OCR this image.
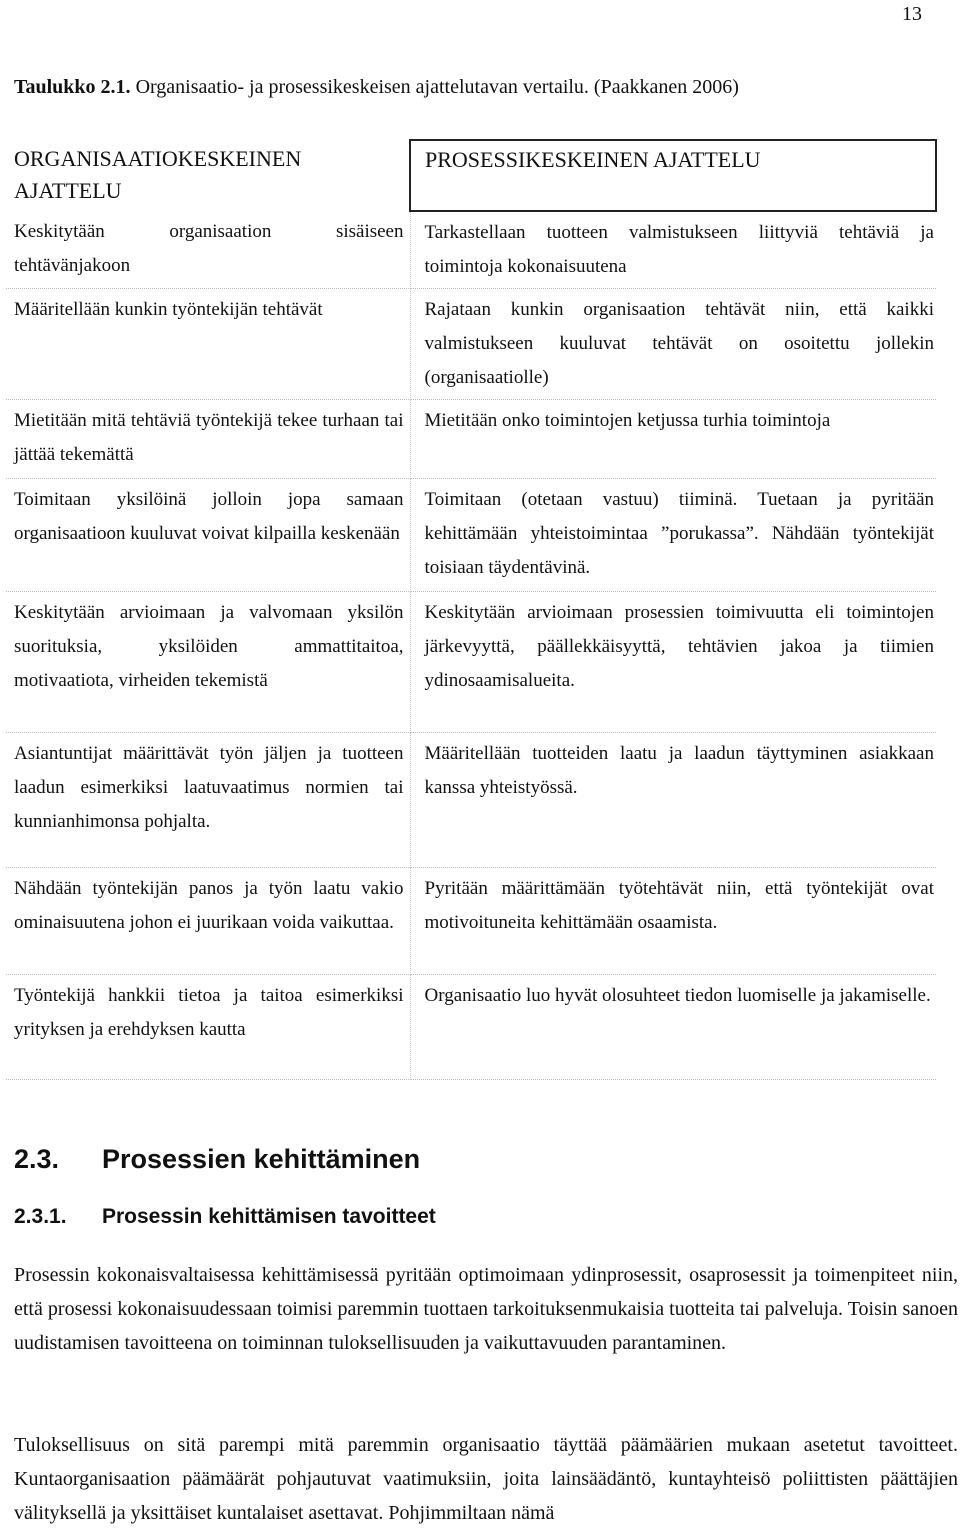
13
Taulukko 2.1. Organisaatio- ja prosessikeskeisen ajattelutavan vertailu. (Paakkanen 2006)
ORGANISAATIOKESKEINEN AJATTELU	PROSESSIKESKEINEN AJATTELU
Keskitytään organisaation sisäiseen tehtävänjakoon	Tarkastellaan tuotteen valmistukseen liittyviä tehtäviä ja toimintoja kokonaisuutena
Määritellään kunkin työntekijän tehtävät	Rajataan kunkin organisaation tehtävät niin, että kaikki valmistukseen kuuluvat tehtävät on osoitettu jollekin (organisaatiolle)
Mietitään mitä tehtäviä työntekijä tekee turhaan tai jättää tekemättä	Mietitään onko toimintojen ketjussa turhia toimintoja
Toimitaan yksilöinä jolloin jopa samaan organisaatioon kuuluvat voivat kilpailla keskenään	Toimitaan (otetaan vastuu) tiiminä. Tuetaan ja pyritään kehittämään yhteistoimintaa ”porukassa”. Nähdään työntekijät toisiaan täydentävinä.
Keskitytään arvioimaan ja valvomaan yksilön suorituksia, yksilöiden ammattitaitoa, motivaatiota, virheiden tekemistä	Keskitytään arvioimaan prosessien toimivuutta eli toimintojen järkevyyttä, päällekkäisyyttä, tehtävien jakoa ja tiimien ydinosaamisalueita.
Asiantuntijat määrittävät työn jäljen ja tuotteen laadun esimerkiksi laatuvaatimus normien tai kunnianhimonsa pohjalta.	Määritellään tuotteiden laatu ja laadun täyttyminen asiakkaan kanssa yhteistyössä.
Nähdään työntekijän panos ja työn laatu vakio ominaisuutena johon ei juurikaan voida vaikuttaa.	Pyritään määrittämään työtehtävät niin, että työntekijät ovat motivoituneita kehittämään osaamista.
Työntekijä hankkii tietoa ja taitoa esimerkiksi yrityksen ja erehdyksen kautta	Organisaatio luo hyvät olosuhteet tiedon luomiselle ja jakamiselle.
2.3. Prosessien kehittäminen
2.3.1. Prosessin kehittämisen tavoitteet

Prosessin kokonaisvaltaisessa kehittämisessä pyritään optimoimaan ydinprosessit, osaprosessit ja toimenpiteet niin, että prosessi kokonaisuudessaan toimisi paremmin tuottaen tarkoituksenmukaisia tuotteita tai palveluja. Toisin sanoen uudistamisen tavoitteena on toiminnan tuloksellisuuden ja vaikuttavuuden parantaminen.

Tuloksellisuus on sitä parempi mitä paremmin organisaatio täyttää päämäärien mukaan asetetut tavoitteet. Kuntaorganisaation päämäärät pohjautuvat vaatimuksiin, joita lainsäädäntö, kuntayhteisö poliittisten päättäjien välityksellä ja yksittäiset kuntalaiset asettavat. Pohjimmiltaan nämä
